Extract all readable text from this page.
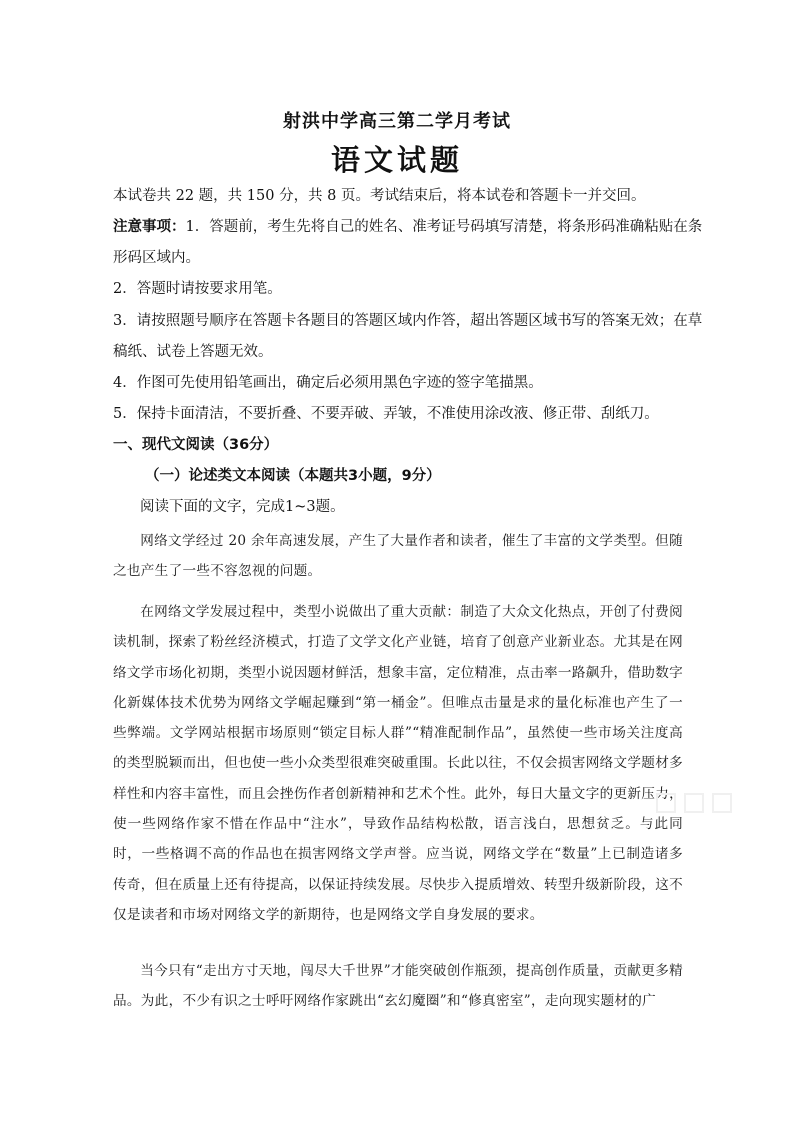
射洪中学高三第二学月考试
语文试题
本试卷共 22 题，共 150 分，共 8 页。考试结束后，将本试卷和答题卡一并交回。
注意事项：1．答题前，考生先将自己的姓名、准考证号码填写清楚，将条形码准确粘贴在条
形码区域内。
2．答题时请按要求用笔。
3．请按照题号顺序在答题卡各题目的答题区域内作答，超出答题区域书写的答案无效；在草
稿纸、试卷上答题无效。
4．作图可先使用铅笔画出，确定后必须用黑色字迹的签字笔描黑。
5．保持卡面清洁，不要折叠、不要弄破、弄皱，不准使用涂改液、修正带、刮纸刀。
一、现代文阅读（36分）
（一）论述类文本阅读（本题共3小题，9分）
阅读下面的文字，完成1~3题。
网络文学经过 20 余年高速发展，产生了大量作者和读者，催生了丰富的文学类型。但随之也产生了一些不容忽视的问题。
在网络文学发展过程中，类型小说做出了重大贡献：制造了大众文化热点，开创了付费阅读机制，探索了粉丝经济模式，打造了文学文化产业链，培育了创意产业新业态。尤其是在网络文学市场化初期，类型小说因题材鲜活，想象丰富，定位精准，点击率一路飙升，借助数字化新媒体技术优势为网络文学崛起赚到“第一桶金”。但唯点击量是求的量化标准也产生了一些弊端。文学网站根据市场原则“锁定目标人群”“精准配制作品”，虽然使一些市场关注度高的类型脱颖而出，但也使一些小众类型很难突破重围。长此以往，不仅会损害网络文学题材多样性和内容丰富性，而且会挫伤作者创新精神和艺术个性。此外，每日大量文字的更新压力，使一些网络作家不惜在作品中“注水”，导致作品结构松散，语言浅白，思想贫乏。与此同时，一些格调不高的作品也在损害网络文学声誉。应当说，网络文学在“数量”上已制造诸多传奇，但在质量上还有待提高，以保证持续发展。尽快步入提质增效、转型升级新阶段，这不仅是读者和市场对网络文学的新期待，也是网络文学自身发展的要求。
当今只有“走出方寸天地，闯尽大千世界”才能突破创作瓶颈，提高创作质量，贡献更多精品。为此，不少有识之士呼吁网络作家跳出“玄幻魔圈”和“修真密室”，走向现实题材的广
